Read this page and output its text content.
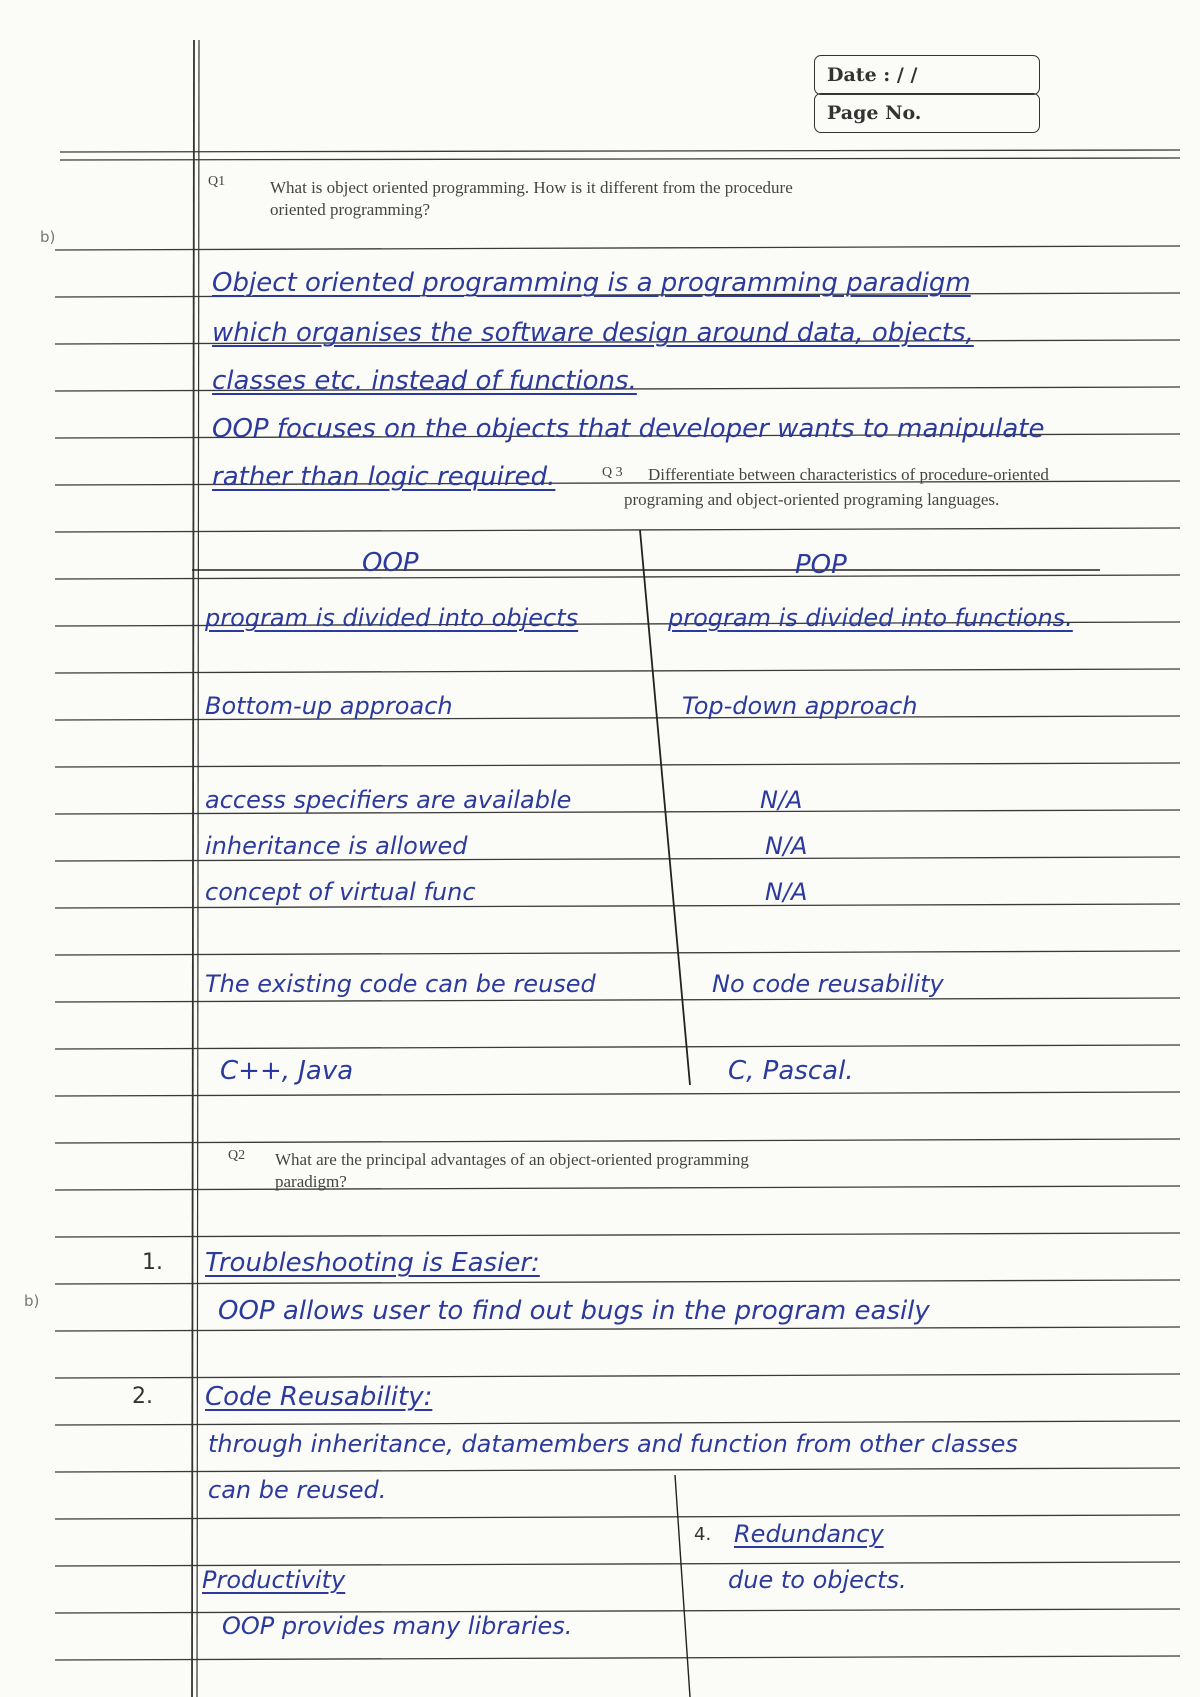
Date : / /
Page No.
b)
b)
Q1	What is object oriented programming. How is it different from the procedure
oriented programming?
Object oriented programming is a programming paradigm
which organises the software design around data, objects,
classes etc. instead of functions.
OOP focuses on the objects that developer wants to manipulate
rather than logic required.	Q 3 Differentiate between characteristics of procedure-oriented
programing and object-oriented programing languages.
OOP	POP
program is divided into objects	program is divided into functions.
Bottom-up approach	Top-down approach
access specifiers are available	N/A
inheritance is allowed	N/A
concept of virtual func	N/A
The existing code can be reused	No code reusability
C++, Java	C, Pascal.
Q2 What are the principal advantages of an object-oriented programming
paradigm?
1. Troubleshooting is Easier:
OOP allows user to find out bugs in the program easily
2. Code Reusability:
through inheritance, datamembers and function from other classes
can be reused.
Productivity
OOP provides many libraries.
4. Redundancy
due to objects.
